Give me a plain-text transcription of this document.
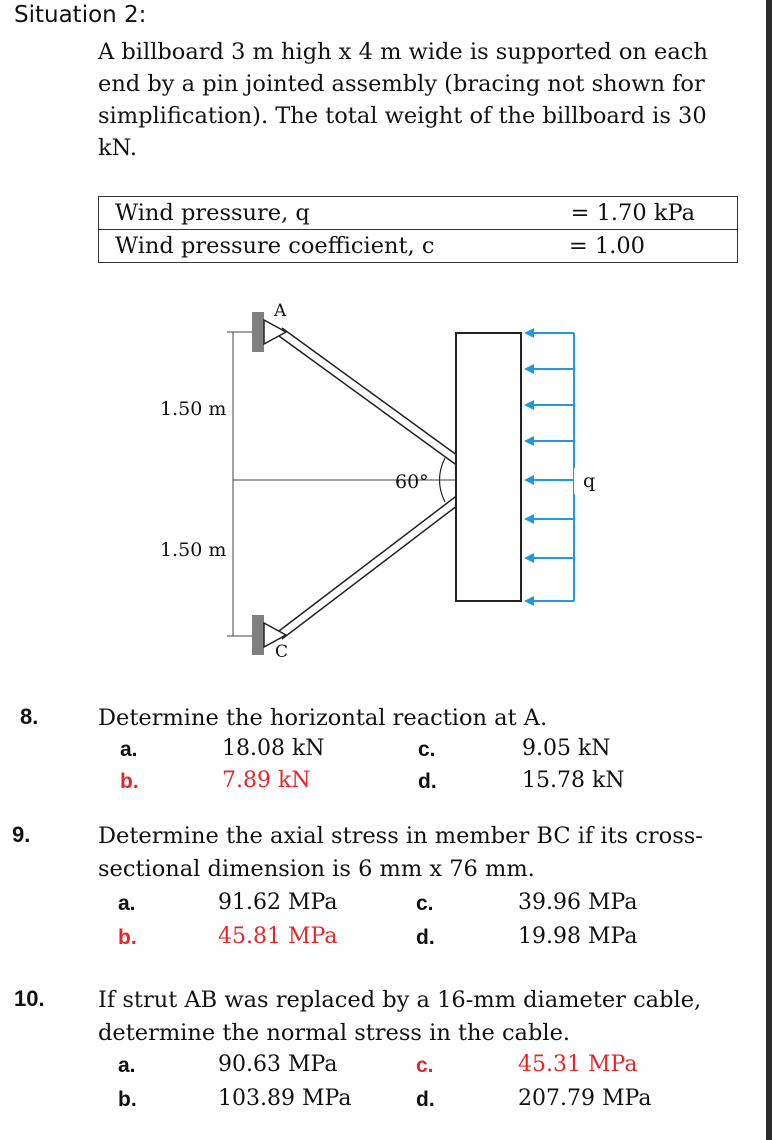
Situation 2:
A billboard 3 m high x 4 m wide is supported on each end by a pin jointed assembly (bracing not shown for simplification). The total weight of the billboard is 30 kN.
Wind pressure, q	= 1.70 kPa
Wind pressure coefficient, c	= 1.00
1.50 m
1.50 m
A
C
60°	q
8.	Determine the horizontal reaction at A.
a.	18.08 kN	c.	9.05 kN
b.	7.89 kN	d.	15.78 kN
9.	Determine the axial stress in member BC if its cross-sectional dimension is 6 mm x 76 mm.
a.	91.62 MPa	c.	39.96 MPa
b.	45.81 MPa	d.	19.98 MPa
10. If strut AB was replaced by a 16-mm diameter cable, determine the normal stress in the cable.
a.	90.63 MPa	c.	45.31 MPa
b.	103.89 MPa	d.	207.79 MPa
